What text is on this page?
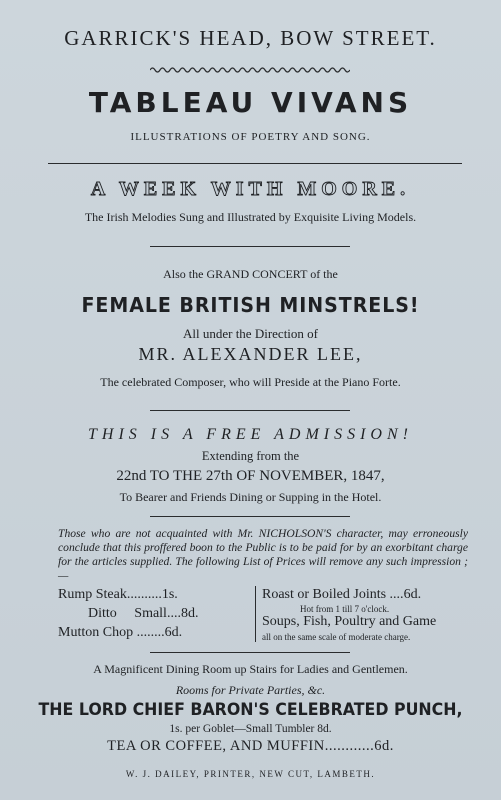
GARRICK'S HEAD, BOW STREET.
TABLEAU VIVANS
ILLUSTRATIONS OF POETRY AND SONG.
A WEEK WITH MOORE.
The Irish Melodies Sung and Illustrated by Exquisite Living Models.
Also the GRAND CONCERT of the
FEMALE BRITISH MINSTRELS!
All under the Direction of
MR. ALEXANDER LEE,
The celebrated Composer, who will Preside at the Piano Forte.
THIS IS A FREE ADMISSION!
Extending from the
22nd TO THE 27th OF NOVEMBER, 1847,
To Bearer and Friends Dining or Supping in the Hotel.
Those who are not acquainted with Mr. NICHOLSON'S character, may erroneously conclude that this proffered boon to the Public is to be paid for by an exorbitant charge for the articles supplied. The following List of Prices will remove any such impression ;—
Rump Steak..........1s.
Ditto     Small....8d.
Mutton Chop ........6d.
Roast or Boiled Joints ....6d.
Hot from 1 till 7 o'clock.
Soups, Fish, Poultry and Game
all on the same scale of moderate charge.
A Magnificent Dining Room up Stairs for Ladies and Gentlemen.
Rooms for Private Parties, &c.
THE LORD CHIEF BARON'S CELEBRATED PUNCH,
1s. per Goblet—Small Tumbler 8d.
TEA OR COFFEE, AND MUFFIN............6d.
W. J. DAILEY, PRINTER, NEW CUT, LAMBETH.
